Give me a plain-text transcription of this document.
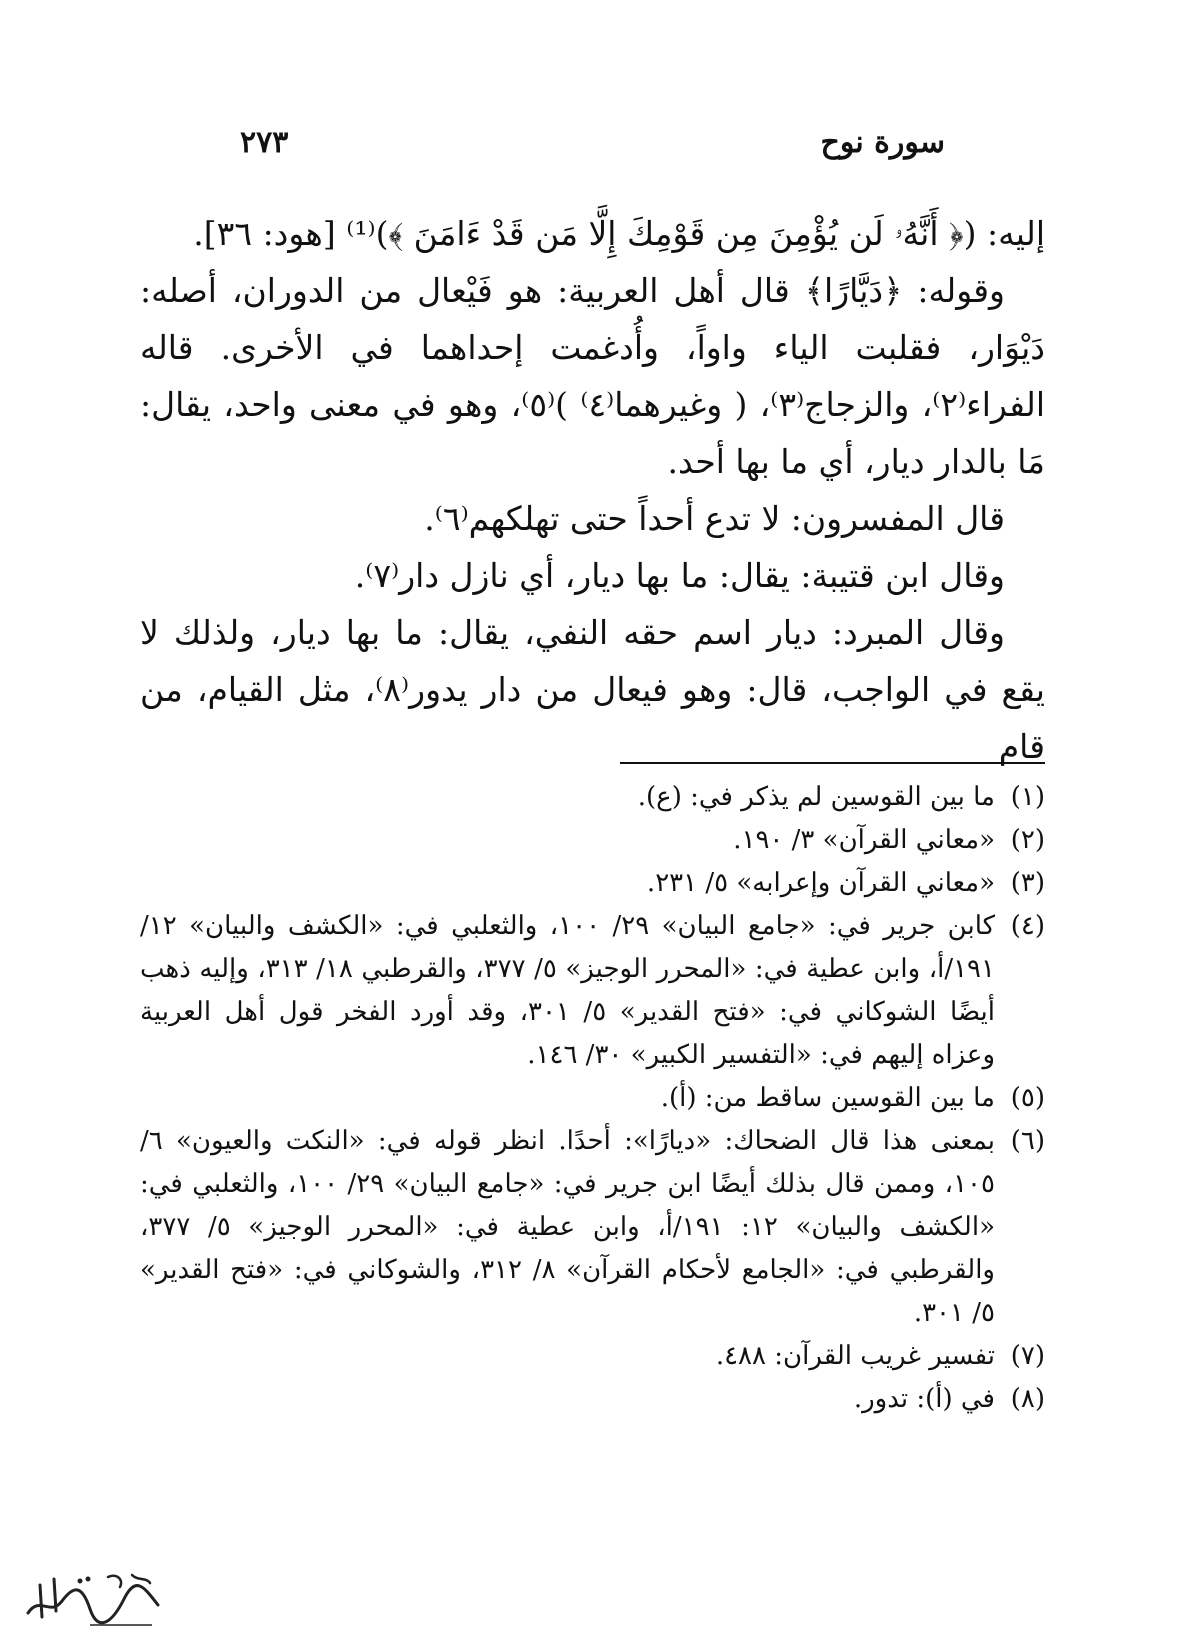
سورة نوح
٢٧٣

إليه: (﴿ أَنَّهُۥ لَن يُؤْمِنَ مِن قَوْمِكَ إِلَّا مَن قَدْ ءَامَنَ ﴾)⁽¹⁾ [هود: ٣٦].

وقوله: ﴿دَيَّارًا﴾ قال أهل العربية: هو فَيْعال من الدوران، أصله: دَيْوَار، فقلبت الياء واواً، وأُدغمت إحداهما في الأخرى. قاله الفراء⁽٢⁾، والزجاج⁽٣⁾، ( وغيرهما⁽٤⁾ )⁽٥⁾، وهو في معنى واحد، يقال: مَا بالدار ديار، أي ما بها أحد.

قال المفسرون: لا تدع أحداً حتى تهلكهم⁽٦⁾.

وقال ابن قتيبة: يقال: ما بها ديار، أي نازل دار⁽٧⁾.

وقال المبرد: ديار اسم حقه النفي، يقال: ما بها ديار، ولذلك لا يقع في الواجب، قال: وهو فيعال من دار يدور⁽٨⁾، مثل القيام، من قام

(١)
ما بين القوسين لم يذكر في: (ع).
(٢)
«معاني القرآن» ٣/ ١٩٠.
(٣)
«معاني القرآن وإعرابه» ٥/ ٢٣١.
(٤)
كابن جرير في: «جامع البيان» ٢٩/ ١٠٠، والثعلبي في: «الكشف والبيان» ١٢/ ١٩١/أ، وابن عطية في: «المحرر الوجيز» ٥/ ٣٧٧، والقرطبي ١٨/ ٣١٣، وإليه ذهب أيضًا الشوكاني في: «فتح القدير» ٥/ ٣٠١، وقد أورد الفخر قول أهل العربية وعزاه إليهم في: «التفسير الكبير» ٣٠/ ١٤٦.
(٥)
ما بين القوسين ساقط من: (أ).
(٦)
بمعنى هذا قال الضحاك: «ديارًا»: أحدًا. انظر قوله في: «النكت والعيون» ٦/ ١٠٥، وممن قال بذلك أيضًا ابن جرير في: «جامع البيان» ٢٩/ ١٠٠، والثعلبي في: «الكشف والبيان» ١٢: ١٩١/أ، وابن عطية في: «المحرر الوجيز» ٥/ ٣٧٧، والقرطبي في: «الجامع لأحكام القرآن» ٨/ ٣١٢، والشوكاني في: «فتح القدير» ٥/ ٣٠١.
(٧)
تفسير غريب القرآن: ٤٨٨.
(٨)
في (أ): تدور.
